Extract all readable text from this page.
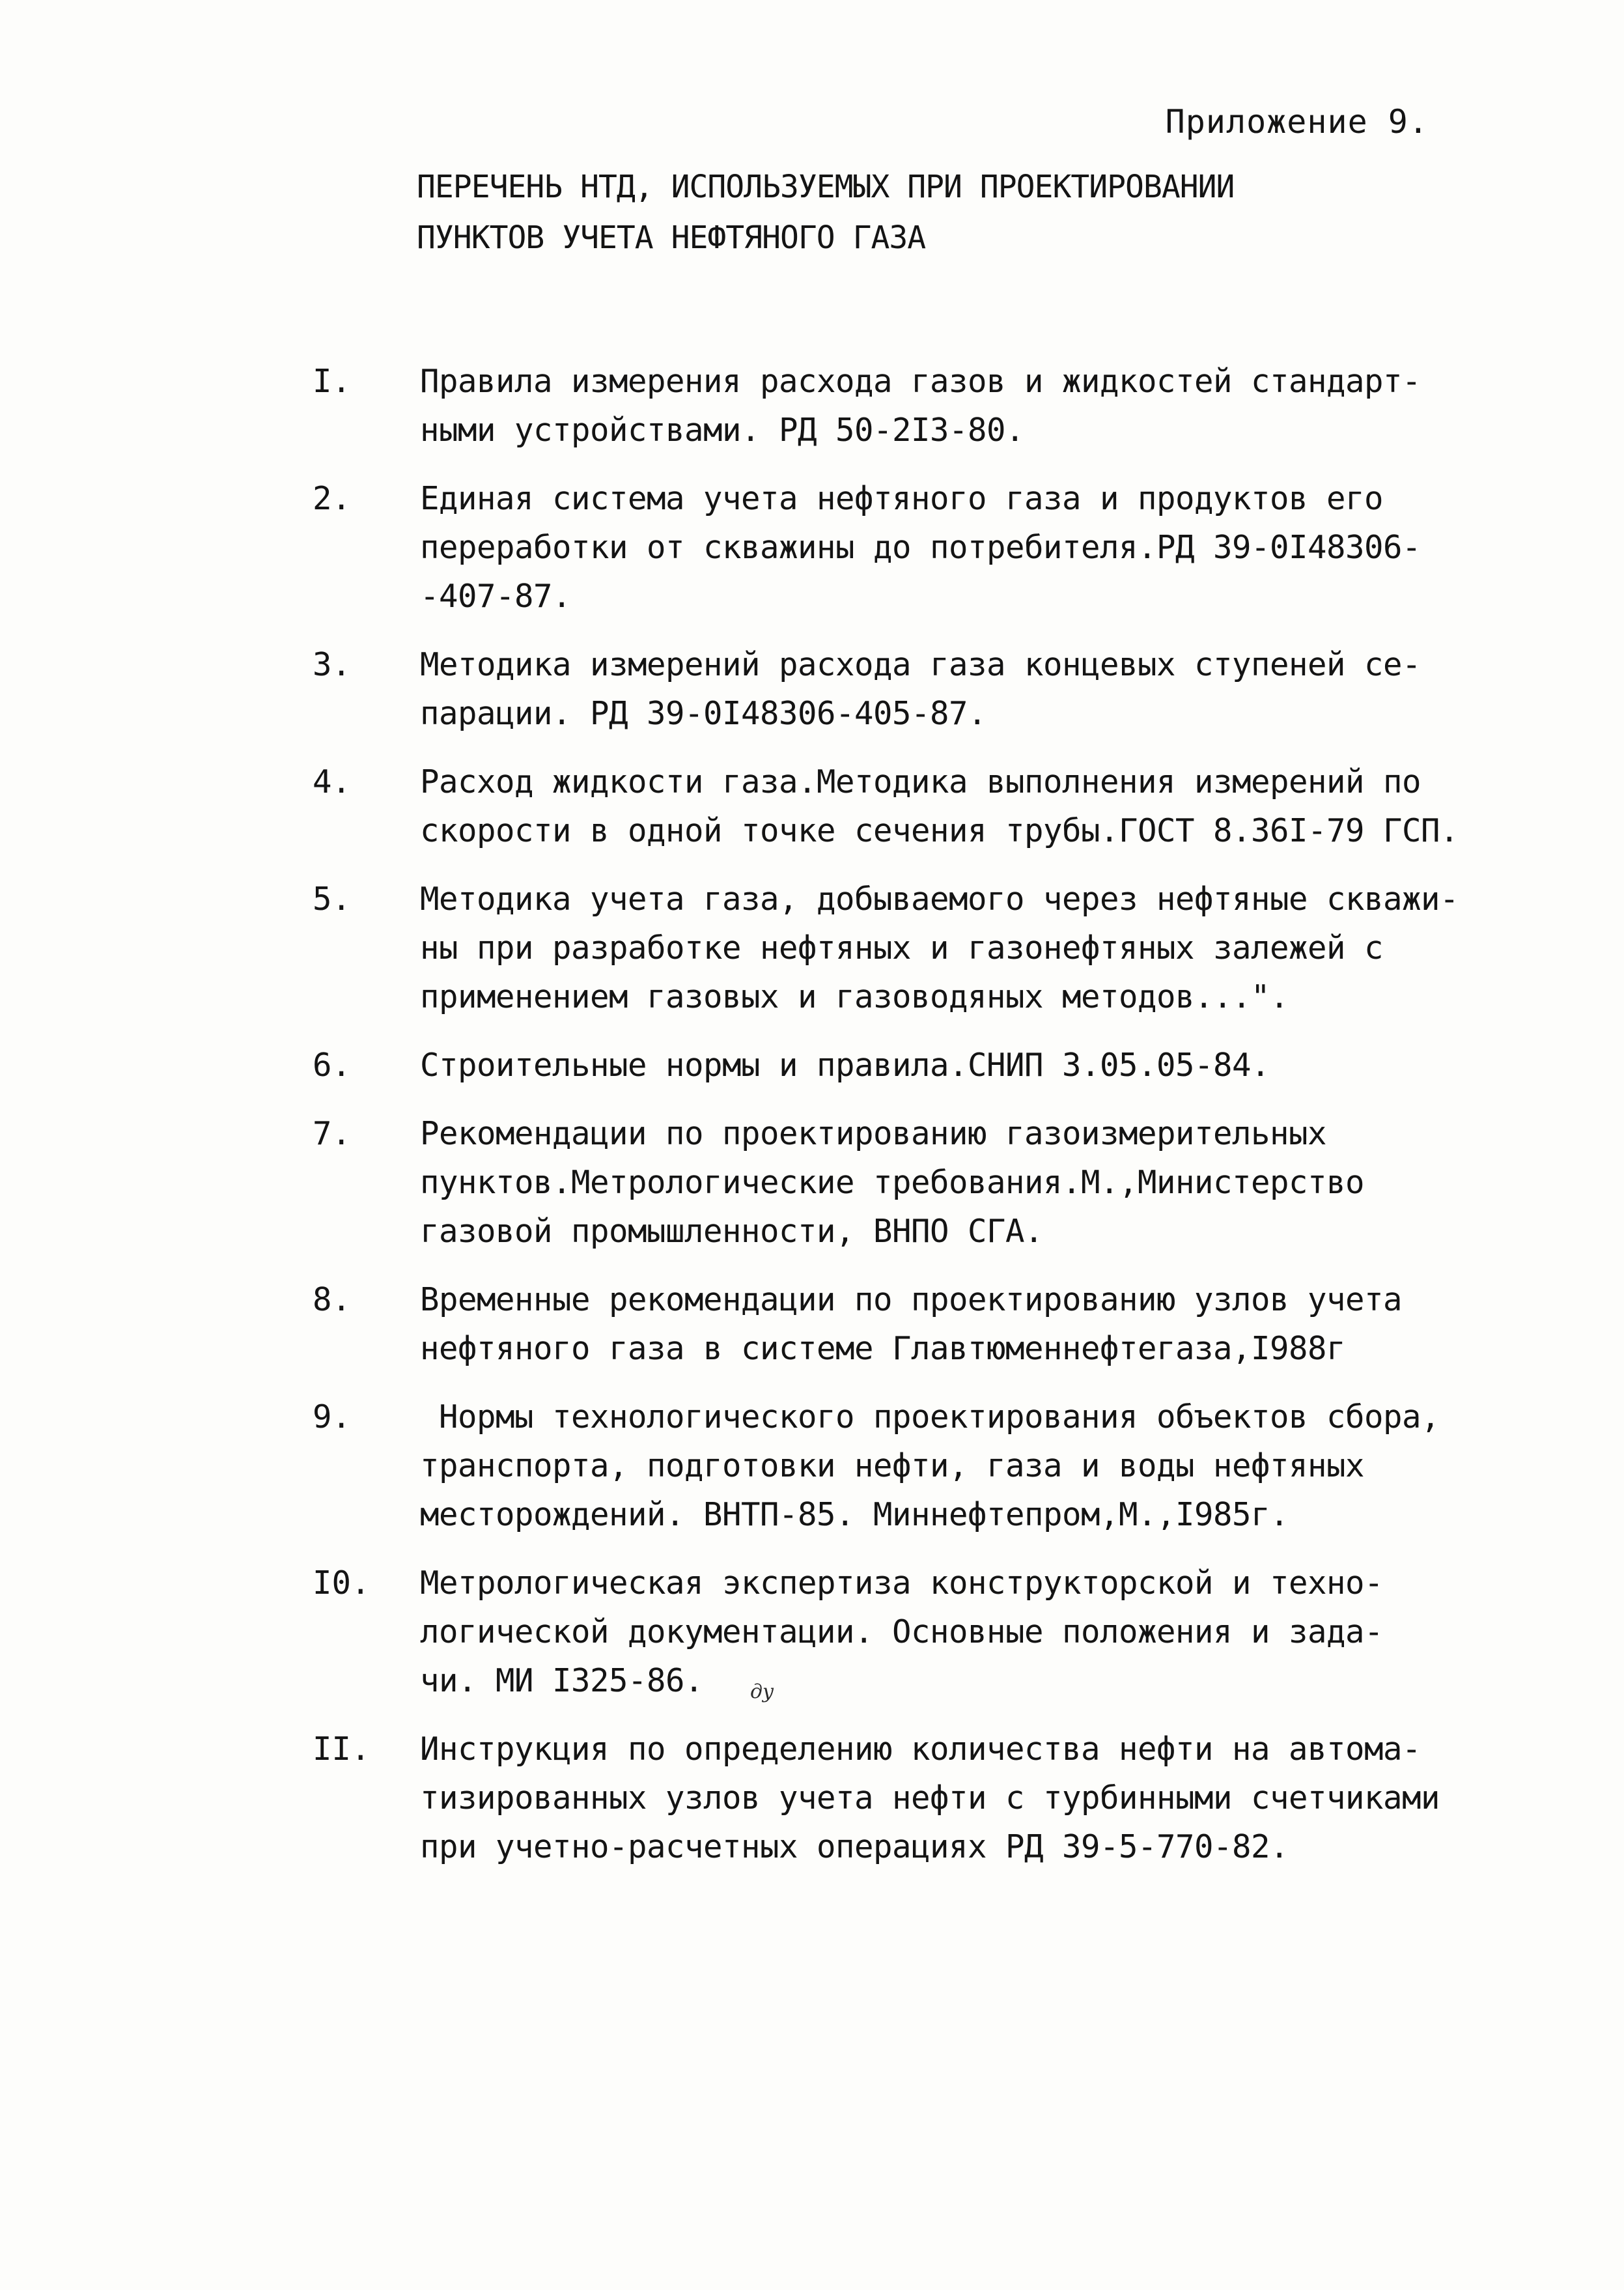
Приложение 9.
ПЕРЕЧЕНЬ НТД, ИСПОЛЬЗУЕМЫХ ПРИ ПРОЕКТИРОВАНИИ
ПУНКТОВ УЧЕТА НЕФТЯНОГО ГАЗА
I.	Правила измерения расхода газов и жидкостей стандарт-
ными устройствами. РД 50-2I3-80.
2.	Единая система учета нефтяного газа и продуктов его
переработки от скважины до потребителя.РД 39-0I48306-
-407-87.
3.	Методика измерений расхода газа концевых ступеней се-
парации. РД 39-0I48306-405-87.
4.	Расход жидкости газа.Методика выполнения измерений по
скорости в одной точке сечения трубы.ГОСТ 8.36I-79 ГСП.
5.	Методика учета газа, добываемого через нефтяные скважи-
ны при разработке нефтяных и газонефтяных залежей с
применением газовых и газоводяных методов...".
6.	Строительные нормы и правила.СНИП 3.05.05-84.
7.	Рекомендации по проектированию газоизмерительных
пунктов.Метрологические требования.М.,Министерство
газовой промышленности, ВНПО СГА.
8.	Временные рекомендации по проектированию узлов учета
нефтяного газа в системе Главтюменнефтегаза,I988г
9.	Нормы технологического проектирования объектов сбора,
транспорта, подготовки нефти, газа и воды нефтяных
месторождений. ВНТП-85. Миннефтепром,М.,I985г.
I0.	Метрологическая экспертиза конструкторской и техно-
логической документации. Основные положения и зада-
чи. МИ I325-86.
II.	Инструкция по определению количества нефти на автома-
тизированных узлов учета нефти с турбинными счетчиками
при учетно-расчетных операциях РД 39-5-770-82.
ду
